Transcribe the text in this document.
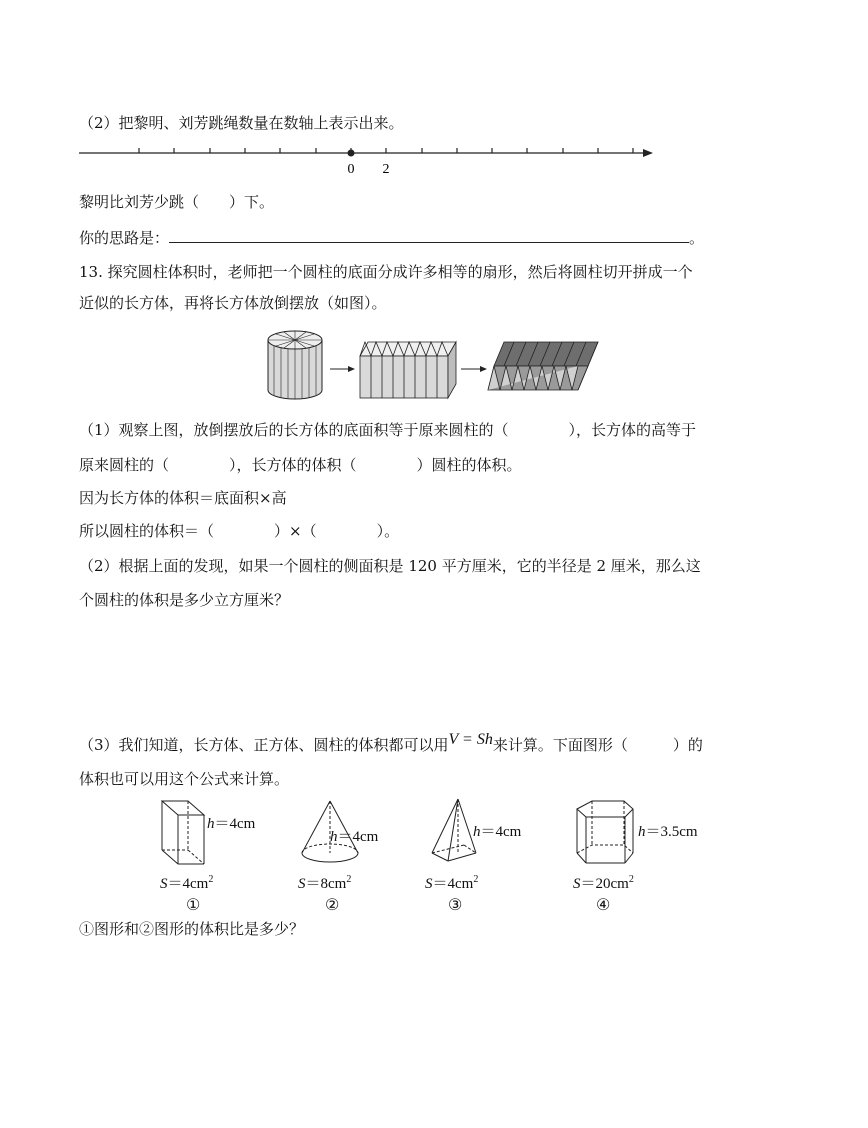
（2）把黎明、刘芳跳绳数量在数轴上表示出来。
0 2
黎明比刘芳少跳（　　）下。
你的思路是：	。
13. 探究圆柱体积时，老师把一个圆柱的底面分成许多相等的扇形，然后将圆柱切开拼成一个
近似的长方体，再将长方体放倒摆放（如图）。
（1）观察上图，放倒摆放后的长方体的底面积等于原来圆柱的（　　　　），长方体的高等于
原来圆柱的（　　　　），长方体的体积（　　　　）圆柱的体积。
因为长方体的体积＝底面积×高
所以圆柱的体积＝（　　　　）×（　　　　）。
（2）根据上面的发现，如果一个圆柱的侧面积是 120 平方厘米，它的半径是 2 厘米，那么这
个圆柱的体积是多少立方厘米？
（3）我们知道，长方体、正方体、圆柱的体积都可以用V = Sh来计算。下面图形（　　　）的
体积也可以用这个公式来计算。
h＝4cm
h＝4cm	h＝4cm	h＝3.5cm
$S=4cm^2$	$S=8cm^2$	$S=4cm^2$	$S=20cm^2$
①	②	③	④
①图形和②图形的体积比是多少？
